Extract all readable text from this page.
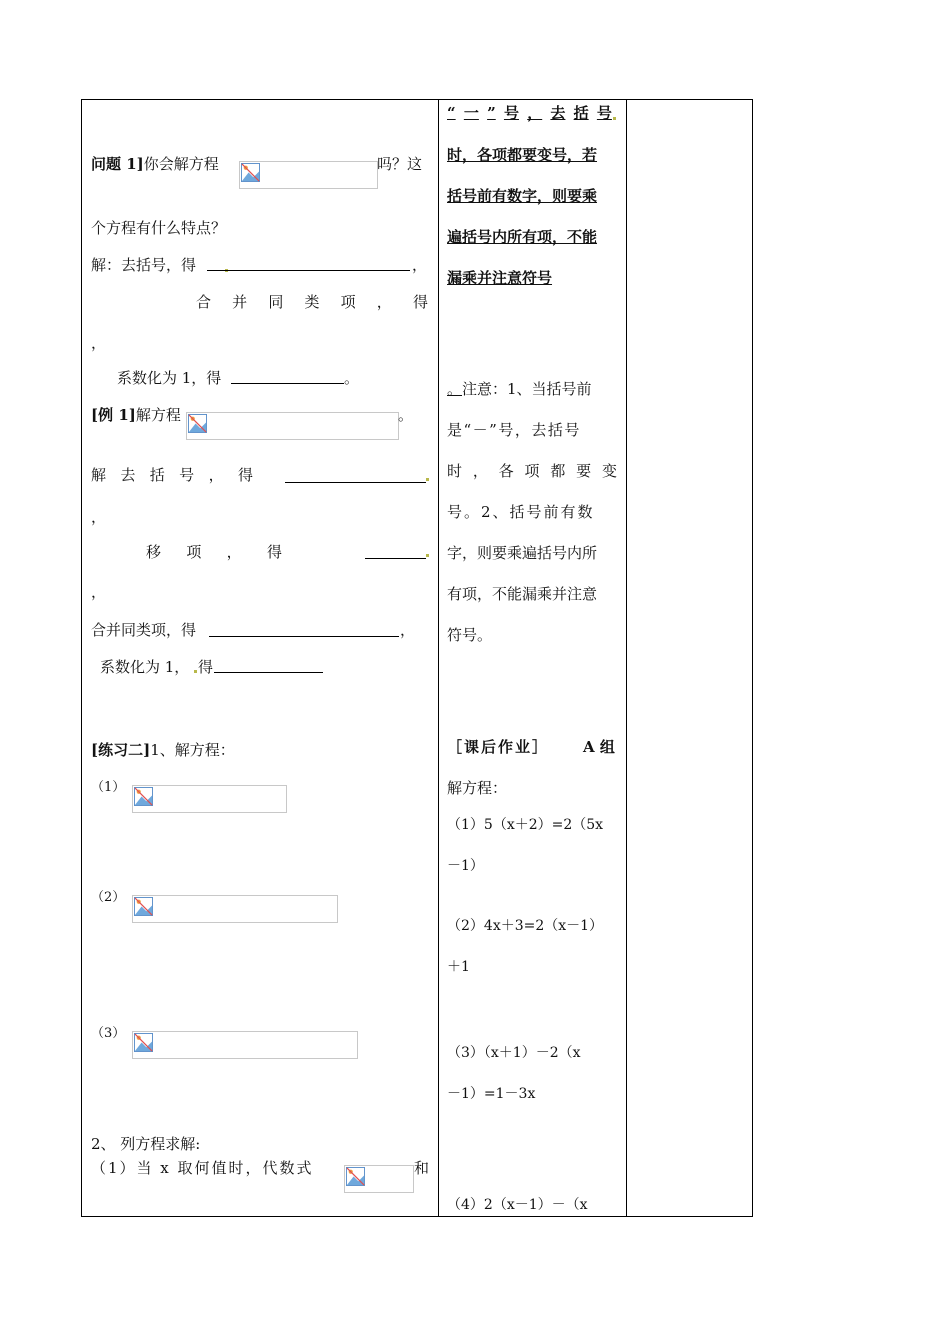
问题 1]你会解方程	吗？这
个方程有什么特点？
解：去括号，得	，
合 并 同 类 项 ， 得
，
系数化为 1，得	。
[例 1]解方程	。
解 去 括 号 ， 得
，
移 项 ， 得
，
合并同类项，得	，
系数化为 1， 得
[练习二]1、解方程：
（1）
（2）
（3）
2、 列方程求解:
（1）当 x 取何值时，代数式	和
“ 一 ” 号 ， 去 括 号
时，各项都要变号，若
括号前有数字，则要乘
遍括号内所有项，不能
漏乘并注意符号
。注意：1、当括号前
是“－”号，去括号
时 ， 各 项 都 要 变
号。2、括号前有数
字，则要乘遍括号内所
有项，不能漏乘并注意
符号。
［课后作业］ A 组
解方程：
（1）5（x＋2）=2（5x
－1）
（2）4x＋3=2（x－1）
＋1
（3）（x＋1）－2（x
－1）=1－3x
（4）2（x－1）－（x
